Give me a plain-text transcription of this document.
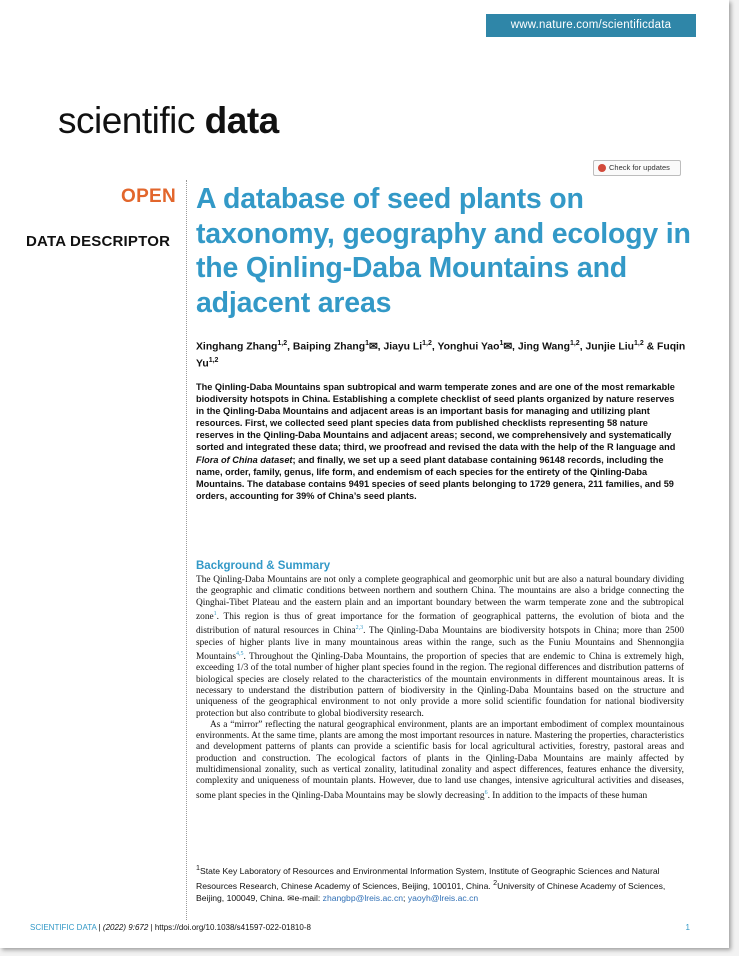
www.nature.com/scientificdata
scientific data
Check for updates
OPEN
DATA DESCRIPTOR
A database of seed plants on taxonomy, geography and ecology in the Qinling-Daba Mountains and adjacent areas

Xinghang Zhang$^{1,2}$, Baiping Zhang$^1$✉, Jiayu Li$^{1,2}$, Yonghui Yao$^1$✉, Jing Wang$^{1,2}$, Junjie Liu$^{1,2}$ & Fuqin Yu$^{1,2}$

The Qinling-Daba Mountains span subtropical and warm temperate zones and are one of the most remarkable biodiversity hotspots in China. Establishing a complete checklist of seed plants organized by nature reserves in the Qinling-Daba Mountains and adjacent areas is an important basis for managing and utilizing plant resources. First, we collected seed plant species data from published checklists representing 58 nature reserves in the Qinling-Daba Mountains and adjacent areas; second, we comprehensively and systematically sorted and integrated these data; third, we proofread and revised the data with the help of the R language and Flora of China dataset; and finally, we set up a seed plant database containing 96148 records, including the name, order, family, genus, life form, and endemism of each species for the entirety of the Qinling-Daba Mountains. The database contains 9491 species of seed plants belonging to 1729 genera, 211 families, and 59 orders, accounting for 39% of China’s seed plants.

Background & Summary

The Qinling-Daba Mountains are not only a complete geographical and geomorphic unit but are also a natural boundary dividing the geographic and climatic conditions between northern and southern China. The mountains are also a bridge connecting the Qinghai-Tibet Plateau and the eastern plain and an important boundary between the warm temperate zone and the subtropical zone$^1$. This region is thus of great importance for the formation of geographical patterns, the evolution of biota and the distribution of natural resources in China$^{2,3}$. The Qinling-Daba Mountains are biodiversity hotspots in China; more than 2500 species of higher plants live in many mountainous areas within the range, such as the Funiu Mountains and Shennongjia Mountains$^{4,5}$. Throughout the Qinling-Daba Mountains, the proportion of species that are endemic to China is extremely high, exceeding 1/3 of the total number of higher plant species found in the region. The regional differences and distribution patterns of biological species are closely related to the characteristics of the mountain environments in different mountainous areas. It is necessary to understand the distribution pattern of biodiversity in the Qinling-Daba Mountains based on the structure and uniqueness of the geographical environment to not only provide a more solid scientific foundation for national biodiversity protection but also contribute to global biodiversity research.

As a “mirror” reflecting the natural geographical environment, plants are an important embodiment of complex mountainous environments. At the same time, plants are among the most important resources in nature. Mastering the properties, characteristics and development patterns of plants can provide a scientific basis for local agricultural activities, forestry, pastoral areas and production and construction. The ecological factors of plants in the Qinling-Daba Mountains are mainly affected by multidimensional zonality, such as vertical zonality, latitudinal zonality and aspect differences, features enhance the diversity, complexity and uniqueness of mountain plants. However, due to land use changes, intensive agricultural activities and diseases, some plant species in the Qinling-Daba Mountains may be slowly decreasing$^6$. In addition to the impacts of these human

$^1$State Key Laboratory of Resources and Environmental Information System, Institute of Geographic Sciences and Natural Resources Research, Chinese Academy of Sciences, Beijing, 100101, China. $^2$University of Chinese Academy of Sciences, Beijing, 100049, China. ✉e-mail: zhangbp@lreis.ac.cn; yaoyh@lreis.ac.cn

SCIENTIFIC DATA | (2022) 9:672 | https://doi.org/10.1038/s41597-022-01810-8	1
